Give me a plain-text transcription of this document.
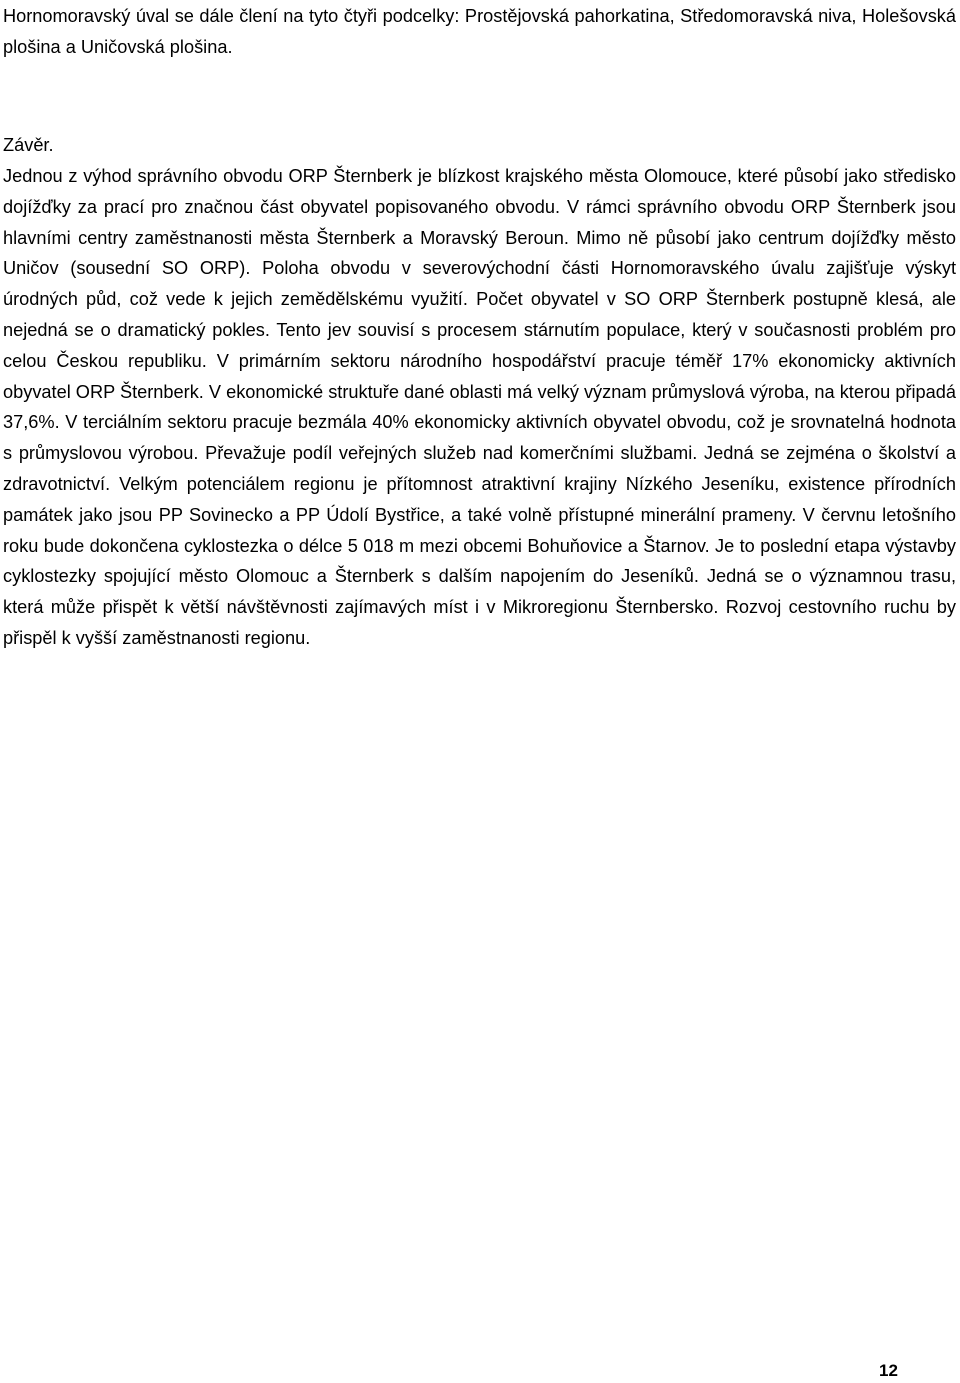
Hornomoravský úval se dále člení na tyto čtyři podcelky: Prostějovská pahorkatina, Středomoravská niva, Holešovská plošina a Uničovská plošina.

Závěr.

Jednou z výhod správního obvodu ORP Šternberk je blízkost krajského města Olomouce, které působí jako středisko dojížďky za prací pro značnou část obyvatel popisovaného obvodu. V rámci správního obvodu ORP Šternberk jsou hlavními centry zaměstnanosti města Šternberk a Moravský Beroun. Mimo ně působí jako centrum dojížďky město Uničov (sousední SO ORP). Poloha obvodu v severovýchodní části Hornomoravského úvalu zajišťuje výskyt úrodných půd, což vede k jejich zemědělskému využití. Počet obyvatel v SO ORP Šternberk postupně klesá, ale nejedná se o dramatický pokles. Tento jev souvisí s procesem stárnutím populace, který v současnosti problém pro celou Českou republiku. V primárním sektoru národního hospodářství pracuje téměř 17% ekonomicky aktivních obyvatel ORP Šternberk. V ekonomické struktuře dané oblasti má velký význam průmyslová výroba, na kterou připadá 37,6%. V terciálním sektoru pracuje bezmála 40% ekonomicky aktivních obyvatel obvodu, což je srovnatelná hodnota s průmyslovou výrobou. Převažuje podíl veřejných služeb nad komerčními službami. Jedná se zejména o školství a zdravotnictví. Velkým potenciálem regionu je přítomnost atraktivní krajiny Nízkého Jeseníku, existence přírodních památek jako jsou PP Sovinecko a PP Údolí Bystřice, a také volně přístupné minerální prameny. V červnu letošního roku bude dokončena cyklostezka o délce 5 018 m mezi obcemi Bohuňovice a Štarnov. Je to poslední etapa výstavby cyklostezky spojující město Olomouc a Šternberk s dalším napojením do Jeseníků. Jedná se o významnou trasu, která může přispět k větší návštěvnosti zajímavých míst i v Mikroregionu Šternbersko. Rozvoj cestovního ruchu by přispěl k vyšší zaměstnanosti regionu.

12
